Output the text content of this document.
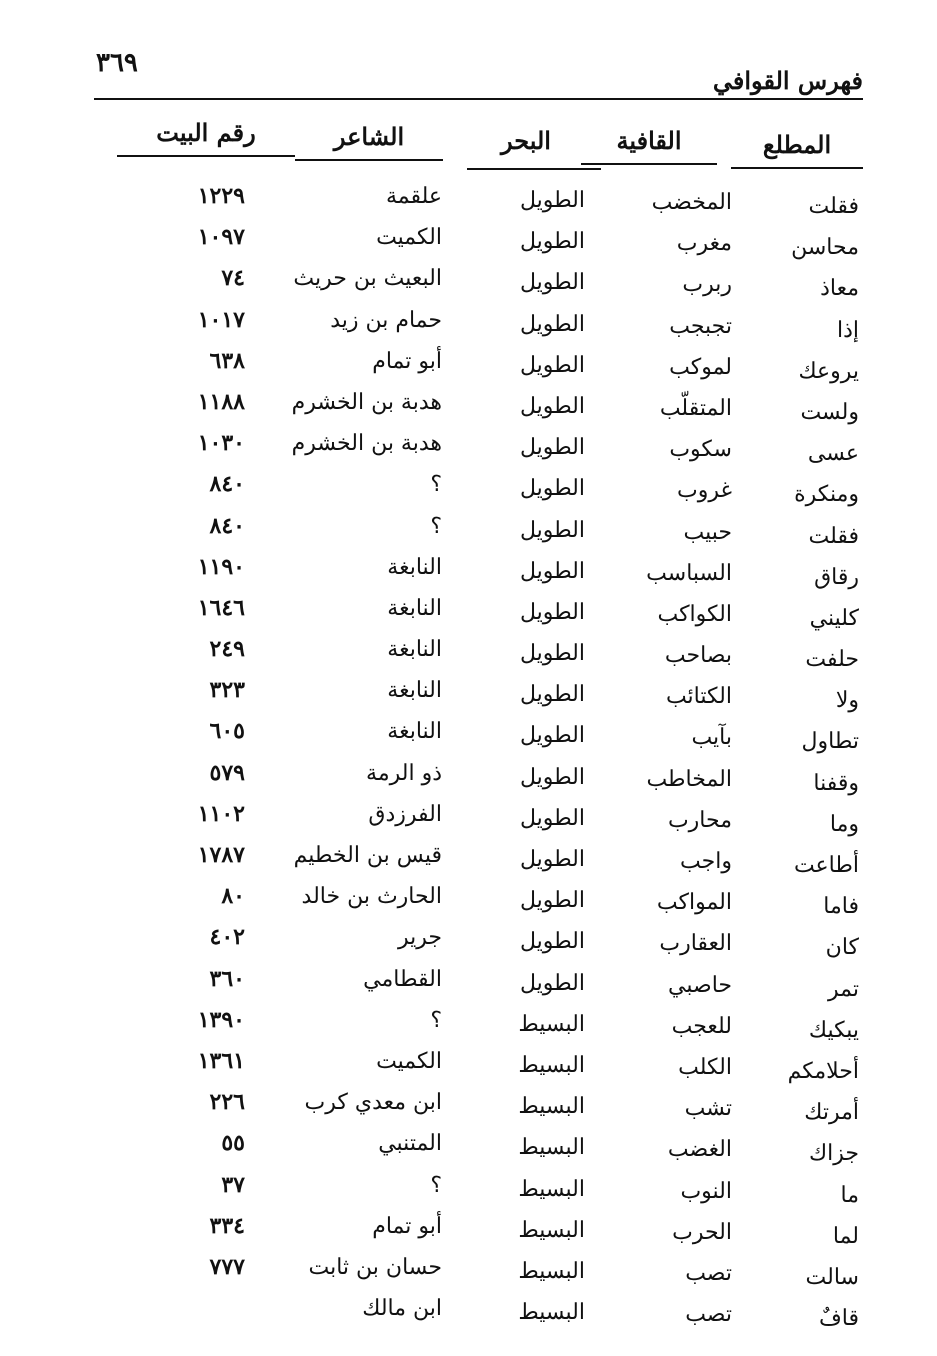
٣٦٩
فهرس القوافي
المطلع
القافية
البحر
الشاعر
رقم البيت
فقلت
المخضب
الطويل
علقمة
١٢٢٩
محاسن
مغرب
الطويل
الكميت
١٠٩٧
معاذ
ربرب
الطويل
البعيث بن حريث
٧٤
إذا
تجبجب
الطويل
حمام بن زيد
١٠١٧
يروعك
لموكب
الطويل
أبو تمام
٦٣٨
ولست
المتقلّب
الطويل
هدبة بن الخشرم
١١٨٨
عسى
سكوب
الطويل
هدبة بن الخشرم
١٠٣٠
ومنكرة
غروب
الطويل
؟
٨٤٠
فقلت
حبيب
الطويل
؟
٨٤٠
رقاق
السباسب
الطويل
النابغة
١١٩٠
كليني
الكواكب
الطويل
النابغة
١٦٤٦
حلفت
بصاحب
الطويل
النابغة
٢٤٩
ولا
الكتائب
الطويل
النابغة
٣٢٣
تطاول
بآيب
الطويل
النابغة
٦٠٥
وقفنا
المخاطب
الطويل
ذو الرمة
٥٧٩
وما
محارب
الطويل
الفرزدق
١١٠٢
أطاعت
واجب
الطويل
قيس بن الخطيم
١٧٨٧
فاما
المواكب
الطويل
الحارث بن خالد
٨٠
كان
العقارب
الطويل
جرير
٤٠٢
تمر
حاصبي
الطويل
القطامي
٣٦٠
يبكيك
للعجب
البسيط
؟
١٣٩٠
أحلامكم
الكلب
البسيط
الكميت
١٣٦١
أمرتك
تشب
البسيط
ابن معدي كرب
٢٢٦
جزاك
الغضب
البسيط
المتنبي
٥٥
ما
النوب
البسيط
؟
٣٧
لما
الحرب
البسيط
أبو تمام
٣٣٤
سالت
تصب
البسيط
حسان بن ثابت
٧٧٧
قافٌ
تصب
البسيط
ابن مالك
